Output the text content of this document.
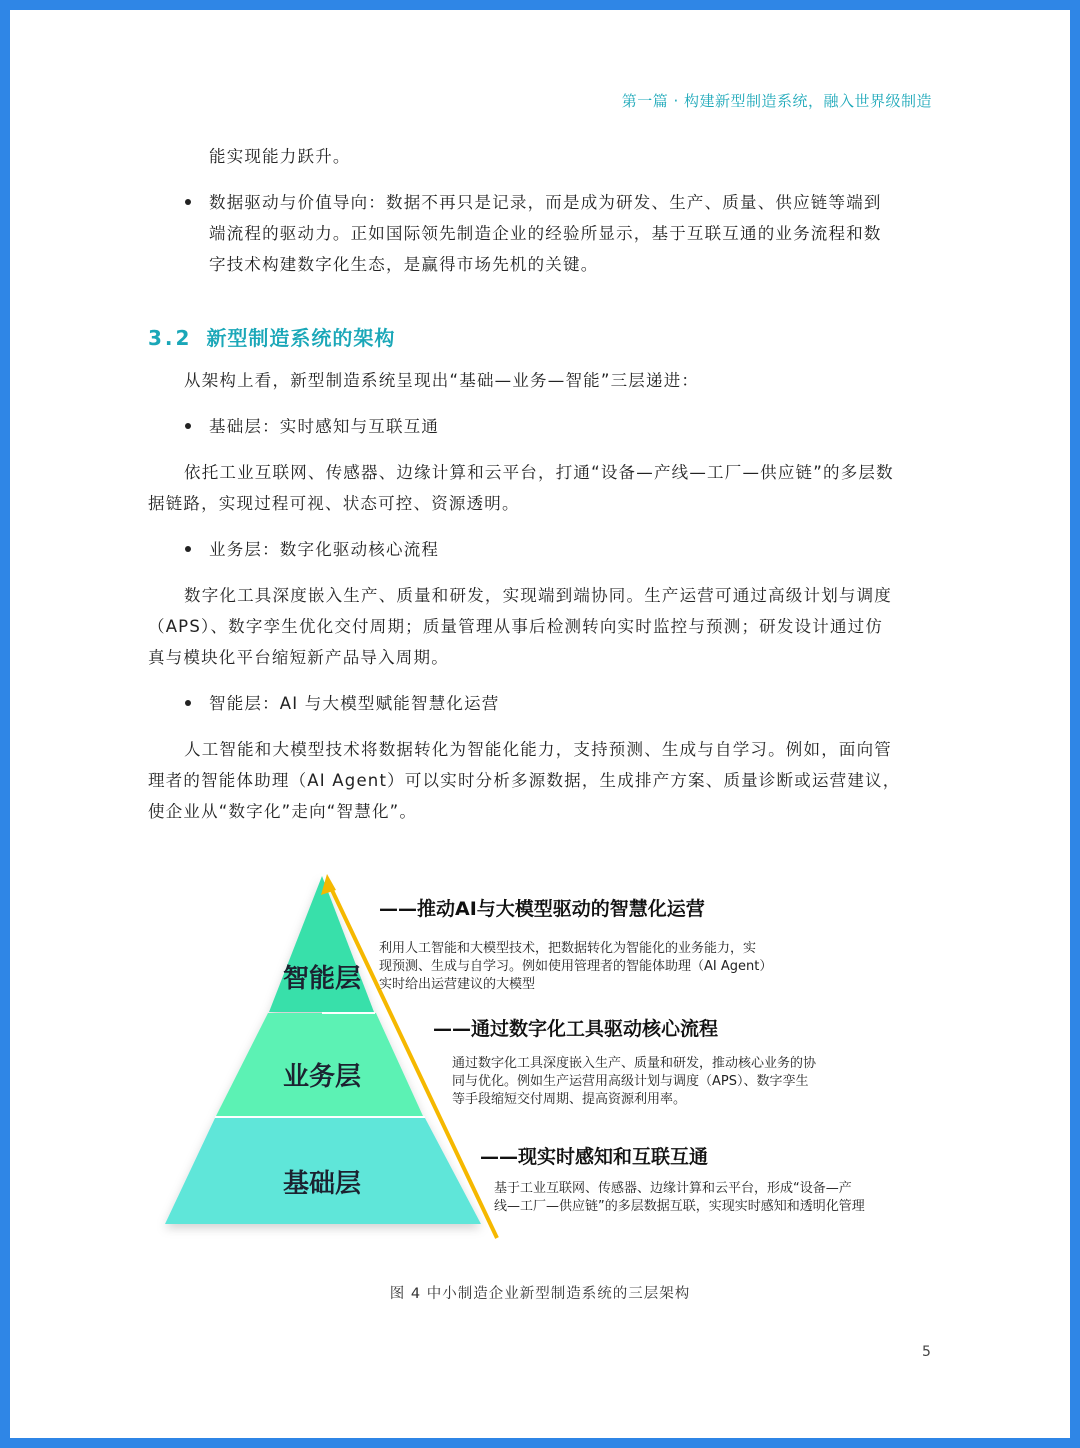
第一篇 · 构建新型制造系统，融入世界级制造
能实现能力跃升。
数据驱动与价值导向：数据不再只是记录，而是成为研发、生产、质量、供应链等端到
端流程的驱动力。正如国际领先制造企业的经验所显示，基于互联互通的业务流程和数
字技术构建数字化生态，是赢得市场先机的关键。
3.2 新型制造系统的架构
从架构上看，新型制造系统呈现出“基础—业务—智能”三层递进：
基础层：实时感知与互联互通
依托工业互联网、传感器、边缘计算和云平台，打通“设备—产线—工厂—供应链”的多层数
据链路，实现过程可视、状态可控、资源透明。
业务层：数字化驱动核心流程
数字化工具深度嵌入生产、质量和研发，实现端到端协同。生产运营可通过高级计划与调度
（APS）、数字孪生优化交付周期；质量管理从事后检测转向实时监控与预测；研发设计通过仿
真与模块化平台缩短新产品导入周期。
智能层：AI 与大模型赋能智慧化运营
人工智能和大模型技术将数据转化为智能化能力，支持预测、生成与自学习。例如，面向管
理者的智能体助理（AI Agent）可以实时分析多源数据，生成排产方案、质量诊断或运营建议，
使企业从“数字化”走向“智慧化”。
智能层
业务层
基础层
——推动AI与大模型驱动的智慧化运营
利用人工智能和大模型技术，把数据转化为智能化的业务能力，实
现预测、生成与自学习。例如使用管理者的智能体助理（AI Agent）
实时给出运营建议的大模型
——通过数字化工具驱动核心流程
通过数字化工具深度嵌入生产、质量和研发，推动核心业务的协
同与优化。例如生产运营用高级计划与调度（APS）、数字孪生
等手段缩短交付周期、提高资源利用率。
——现实时感知和互联互通
基于工业互联网、传感器、边缘计算和云平台，形成“设备—产
线—工厂—供应链”的多层数据互联，实现实时感知和透明化管理
图 4 中小制造企业新型制造系统的三层架构
5
